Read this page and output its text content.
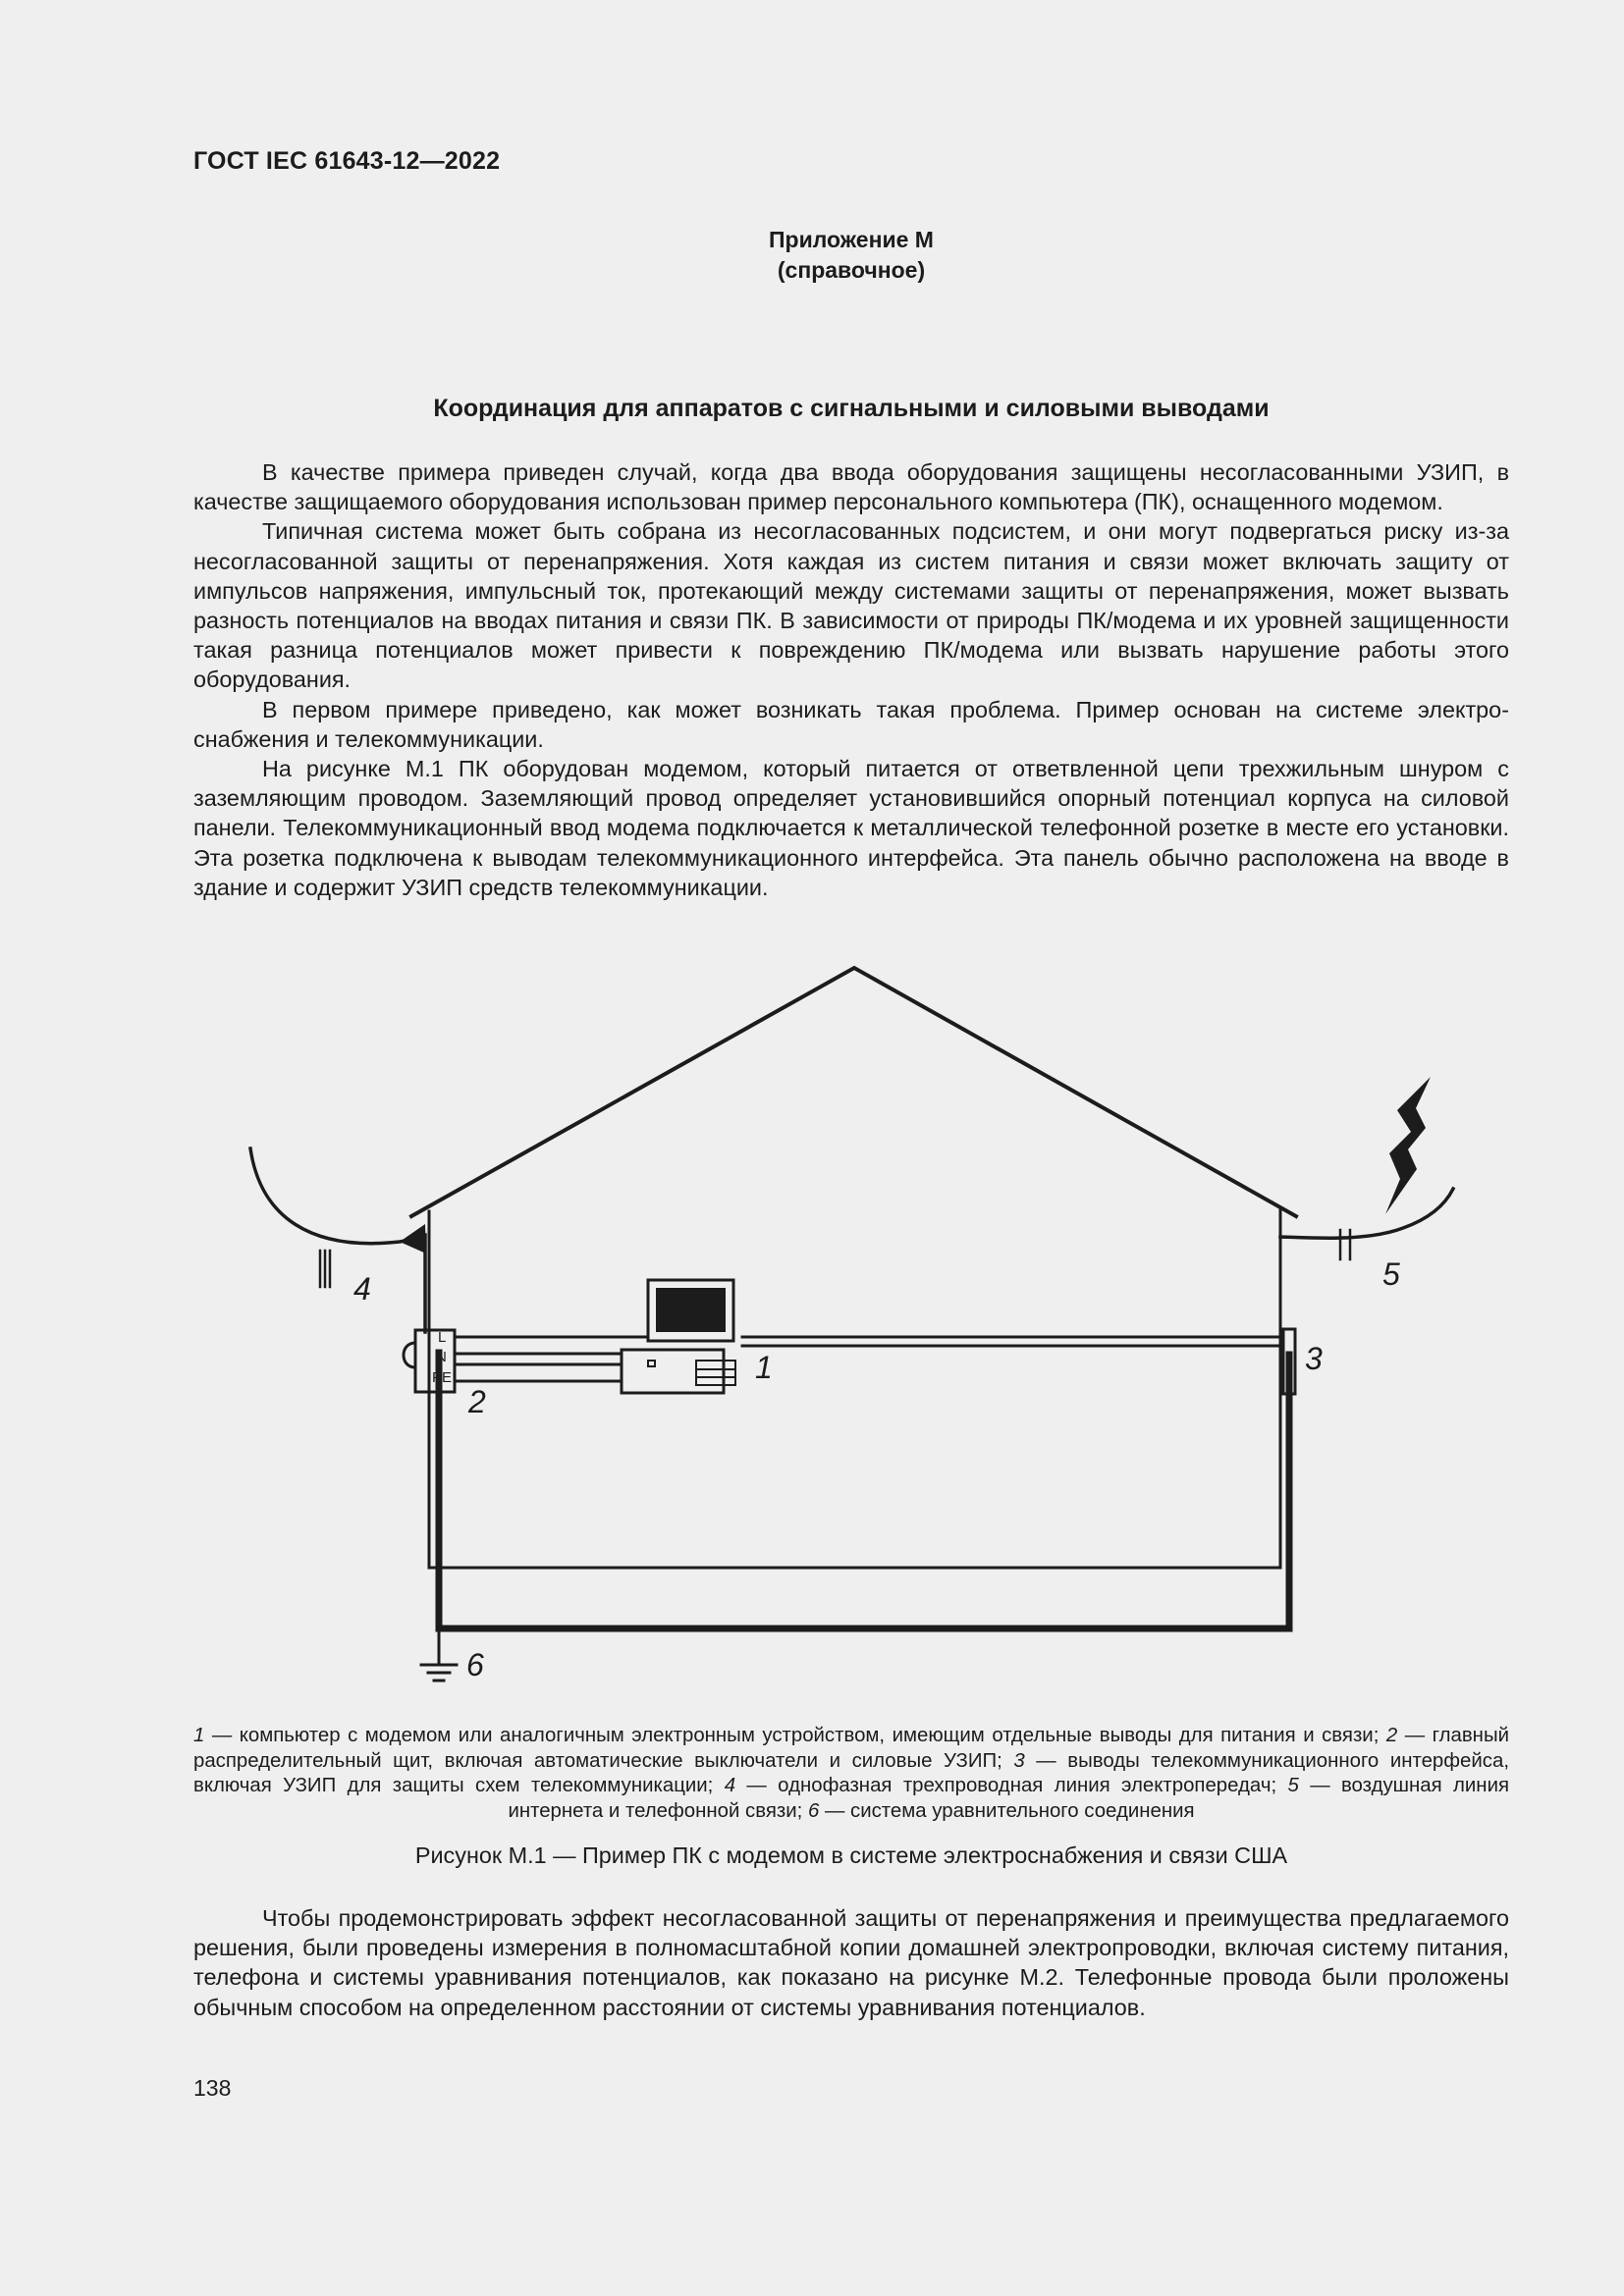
ГОСТ IEC 61643-12—2022
Приложение М
(справочное)
Координация для аппаратов с сигнальными и силовыми выводами

В качестве примера приведен случай, когда два ввода оборудования защищены несогласованными УЗИП, в качестве защищаемого оборудования использован пример персонального компьютера (ПК), оснащенного модемом.

Типичная система может быть собрана из несогласованных подсистем, и они могут подвергаться риску из-за несогласованной защиты от перенапряжения. Хотя каждая из систем питания и связи может включать защиту от импульсов напряжения, импульсный ток, протекающий между системами защиты от перенапряжения, может вызвать разность потенциалов на вводах питания и связи ПК. В зависимости от природы ПК/модема и их уровней защищенности такая разница потенциалов может привести к повреждению ПК/модема или вызвать нарушение работы этого оборудования.

В первом примере приведено, как может возникать такая проблема. Пример основан на системе электроснабжения и телекоммуникации.

На рисунке М.1 ПК оборудован модемом, который питается от ответвленной цепи трехжильным шнуром с заземляющим проводом. Заземляющий провод определяет установившийся опорный потенциал корпуса на силовой панели. Телекоммуникационный ввод модема подключается к металлической телефонной розетке в месте его установки. Эта розетка подключена к выводам телекоммуникационного интерфейса. Эта панель обычно расположена на вводе в здание и содержит УЗИП средств телекоммуникации.

1
2
3
4	5
6
L
N
PE
1 — компьютер с модемом или аналогичным электронным устройством, имеющим отдельные выводы для питания и связи; 2 — главный распределительный щит, включая автоматические выключатели и силовые УЗИП; 3 — выводы телекоммуникационного интерфейса, включая УЗИП для защиты схем телекоммуникации; 4 — однофазная трехпроводная линия электропередач; 5 — воздушная линия интернета и телефонной связи; 6 — система уравнительного соединения
Рисунок М.1 — Пример ПК с модемом в системе электроснабжения и связи США

Чтобы продемонстрировать эффект несогласованной защиты от перенапряжения и преимущества предлагаемого решения, были проведены измерения в полномасштабной копии домашней электропроводки, включая систему питания, телефона и системы уравнивания потенциалов, как показано на рисунке М.2. Телефонные провода были проложены обычным способом на определенном расстоянии от системы уравнивания потенциалов.

138
